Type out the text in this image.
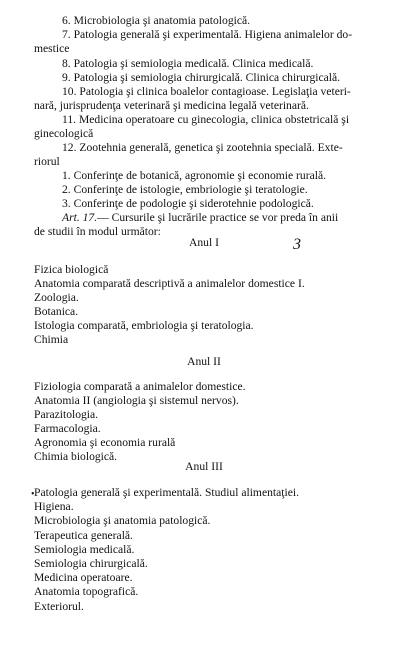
Art. 17.— Cursurile şi lucrările practice se vor preda în anii
de studii în modul următor:
3
•
6. Microbiologia şi anatomia patologică.
7. Patologia generală şi experimentală. Higiena animalelor do-
mestice
8. Patologia şi semiologia medicală. Clinica medicală.
9. Patologia şi semiologia chirurgicală. Clinica chirurgicală.
10. Patologia şi clinica boalelor contagioase. Legislaţia veteri-
nară, jurisprudenţa veterinară şi medicina legală veterinară.
11. Medicina operatoare cu ginecologia, clinica obstetricală şi
ginecologică
12. Zootehnia generală, genetica şi zootehnia specială. Exte-
riorul
1. Conferinţe de botanică, agronomie şi economie rurală.
2. Conferinţe de istologie, embriologie şi teratologie.
3. Conferinţe de podologie şi siderotehnie podologică.
Anul I
Fizica biologică
Anatomia comparată descriptivă a animalelor domestice I.
Zoologia.
Botanica.
Istologia comparată, embriologia şi teratologia.
Chimia
Anul II
Fiziologia comparată a animalelor domestice.
Anatomia II (angiologia şi sistemul nervos).
Parazitologia.
Farmacologia.
Agronomia şi economia rurală
Chimia biologică.
Anul III
Patologia generală şi experimentală. Studiul alimentaţiei.
Higiena.
Microbiologia şi anatomia patologică.
Terapeutica generală.
Semiologia medicală.
Semiologia chirurgicală.
Medicina operatoare.
Anatomia topografică.
Exteriorul.
